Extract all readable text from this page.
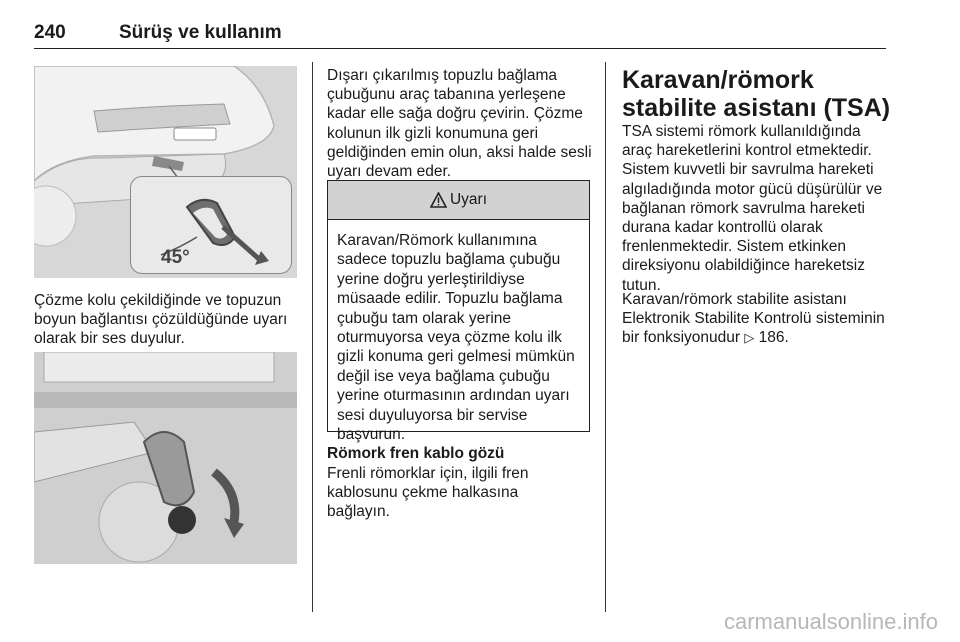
240	Sürüş ve kullanım
45°

Çözme kolu çekildiğinde ve topuzun boyun bağlantısı çözüldüğünde uyarı olarak bir ses duyulur.

Dışarı çıkarılmış topuzlu bağlama çubuğunu araç tabanına yerleşene kadar elle sağa doğru çevirin. Çözme kolunun ilk gizli konumuna geri geldiğinden emin olun, aksi halde sesli uyarı devam eder.

Uyarı
Karavan/Römork kullanımına sadece topuzlu bağlama çubuğu yerine doğru yerleştirildiyse müsaade edilir. Topuzlu bağlama çubuğu tam olarak yerine oturmuyorsa veya çözme kolu ilk gizli konuma geri gelmesi mümkün değil ise veya bağlama çubuğu yerine oturmasının ardından uyarı sesi duyuluyorsa bir servise başvurun.

Römork fren kablo gözü

Frenli römorklar için, ilgili fren kablosunu çekme halkasına bağlayın.

Karavan/römork stabilite asistanı (TSA)

TSA sistemi römork kullanıldığında araç hareketlerini kontrol etmektedir. Sistem kuvvetli bir savrulma hareketi algıladığında motor gücü düşürülür ve bağlanan römork savrulma hareketi durana kadar kontrollü olarak frenlenmektedir. Sistem etkinken direksiyonu olabildiğince hareketsiz tutun.

Karavan/römork stabilite asistanı Elektronik Stabilite Kontrolü sisteminin bir fonksiyonudur ▷ 186.

carmanualsonline.info
